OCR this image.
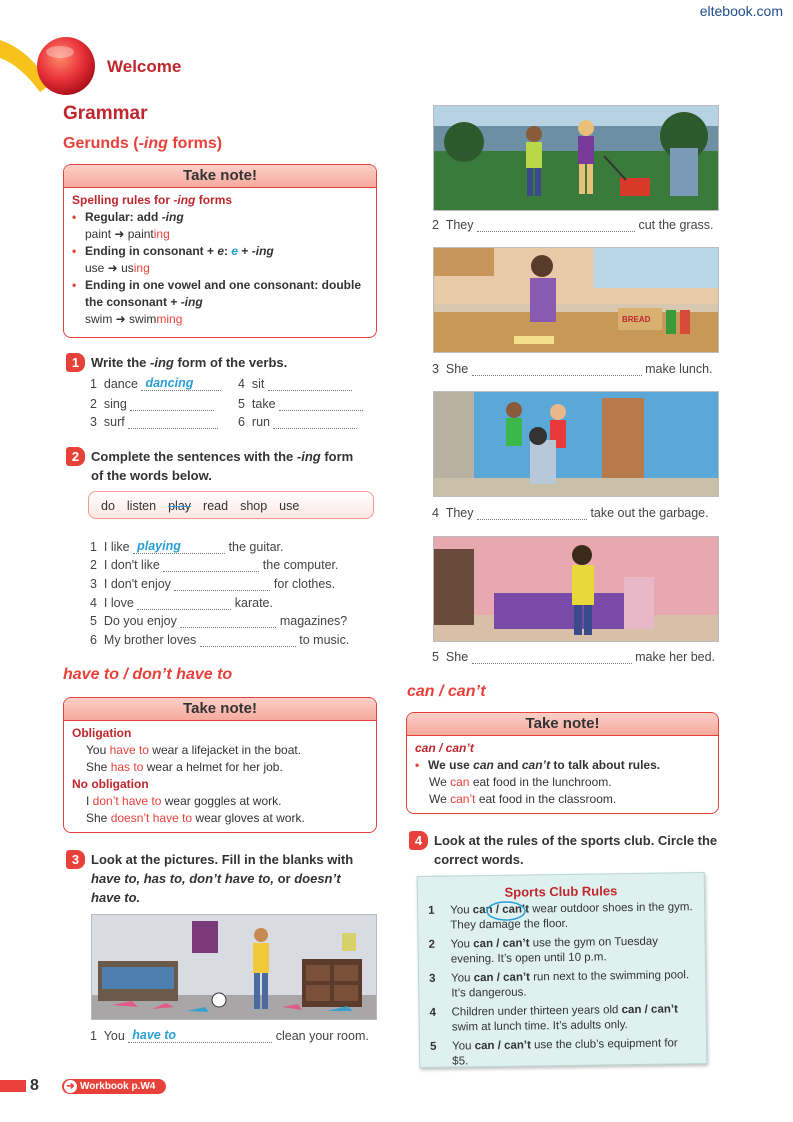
eltebook.com
Welcome
Grammar
Gerunds (-ing forms)
Take note!
Spelling rules for -ing forms
• Regular: add -ing
paint ➜ painting
• Ending in consonant + e: e + -ing
use ➜ using
• Ending in one vowel and one consonant: double
the consonant + -ing
swim ➜ swimming
1 Write the -ing form of the verbs.
1 dance dancing
2 sing
3 surf
4 sit
5 take
6 run
2 Complete the sentences with the -ing form
of the words below.
do listen play read shop use
1 I like playing	the guitar.
2 I don't like	the computer.
3 I don't enjoy	for clothes.
4 I love	karate.
5 Do you enjoy	magazines?
6 My brother loves	to music.
have to / don’t have to
Take note!
Obligation
You have to wear a lifejacket in the boat.
She has to wear a helmet for her job.
No obligation
I don’t have to wear goggles at work.
She doesn’t have to wear gloves at work.
3 Look at the pictures. Fill in the blanks with
have to, has to, don’t have to, or doesn’t
have to.
1 You have to	clean your room.
2 They	cut the grass.
BREAD
3 She	make lunch.
4 They	take out the garbage.
5 She	make her bed.
can / can’t
Take note!
can / can’t
• We use can and can’t to talk about rules.
We can eat food in the lunchroom.
We can’t eat food in the classroom.
4 Look at the rules of the sports club. Circle the
correct words.
Sports Club Rules
1 You can / can’t wear outdoor shoes in the gym. They damage the floor.
2 You can / can’t use the gym on Tuesday evening. It’s open until 10 p.m.
3 You can / can’t run next to the swimming pool. It’s dangerous.
4 Children under thirteen years old can / can’t swim at lunch time. It’s adults only.
5 You can / can’t use the club’s equipment for $5.
8	➜ Workbook p.W4
